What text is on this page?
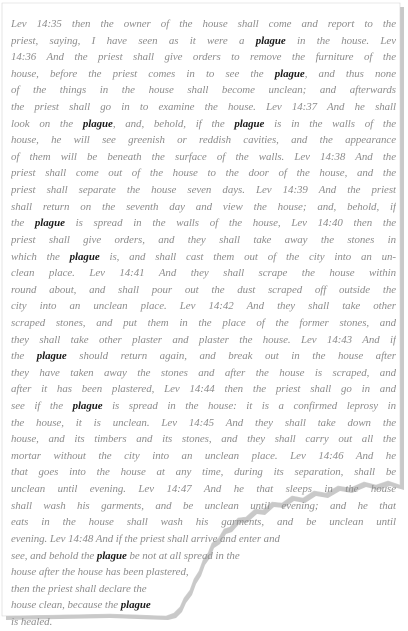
Lev 14:35 then the owner of the house shall come and report to the
priest, saying, I have seen as it were a plague in the house. Lev
14:36 And the priest shall give orders to remove the furniture of the
house, before the priest comes in to see the plague, and thus none
of the things in the house shall become unclean; and afterwards
the priest shall go in to examine the house. Lev 14:37 And he shall
look on the plague, and, behold, if the plague is in the walls of the
house, he will see greenish or reddish cavities, and the appearance
of them will be beneath the surface of the walls. Lev 14:38 And the
priest shall come out of the house to the door of the house, and the
priest shall separate the house seven days. Lev 14:39 And the priest
shall return on the seventh day and view the house; and, behold, if
the plague is spread in the walls of the house, Lev 14:40 then the
priest shall give orders, and they shall take away the stones in
which the plague is, and shall cast them out of the city into an un-
clean place. Lev 14:41 And they shall scrape the house within
round about, and shall pour out the dust scraped off outside the
city into an unclean place. Lev 14:42 And they shall take other
scraped stones, and put them in the place of the former stones, and
they shall take other plaster and plaster the house. Lev 14:43 And if
the plague should return again, and break out in the house after
they have taken away the stones and after the house is scraped, and
after it has been plastered, Lev 14:44 then the priest shall go in and
see if the plague is spread in the house: it is a confirmed leprosy in
the house, it is unclean. Lev 14:45 And they shall take down the
house, and its timbers and its stones, and they shall carry out all the
mortar without the city into an unclean place. Lev 14:46 And he
that goes into the house at any time, during its separation, shall be
unclean until evening. Lev 14:47 And he that sleeps in the house
shall wash his garments, and be unclean until evening; and he that
eats in the house shall wash his garments, and be unclean until
evening. Lev 14:48 And if the priest shall arrive and enter and
see, and behold the plague be not at all spread in the
house after the house has been plastered,
then the priest shall declare the
house clean, because the plague
is healed.
